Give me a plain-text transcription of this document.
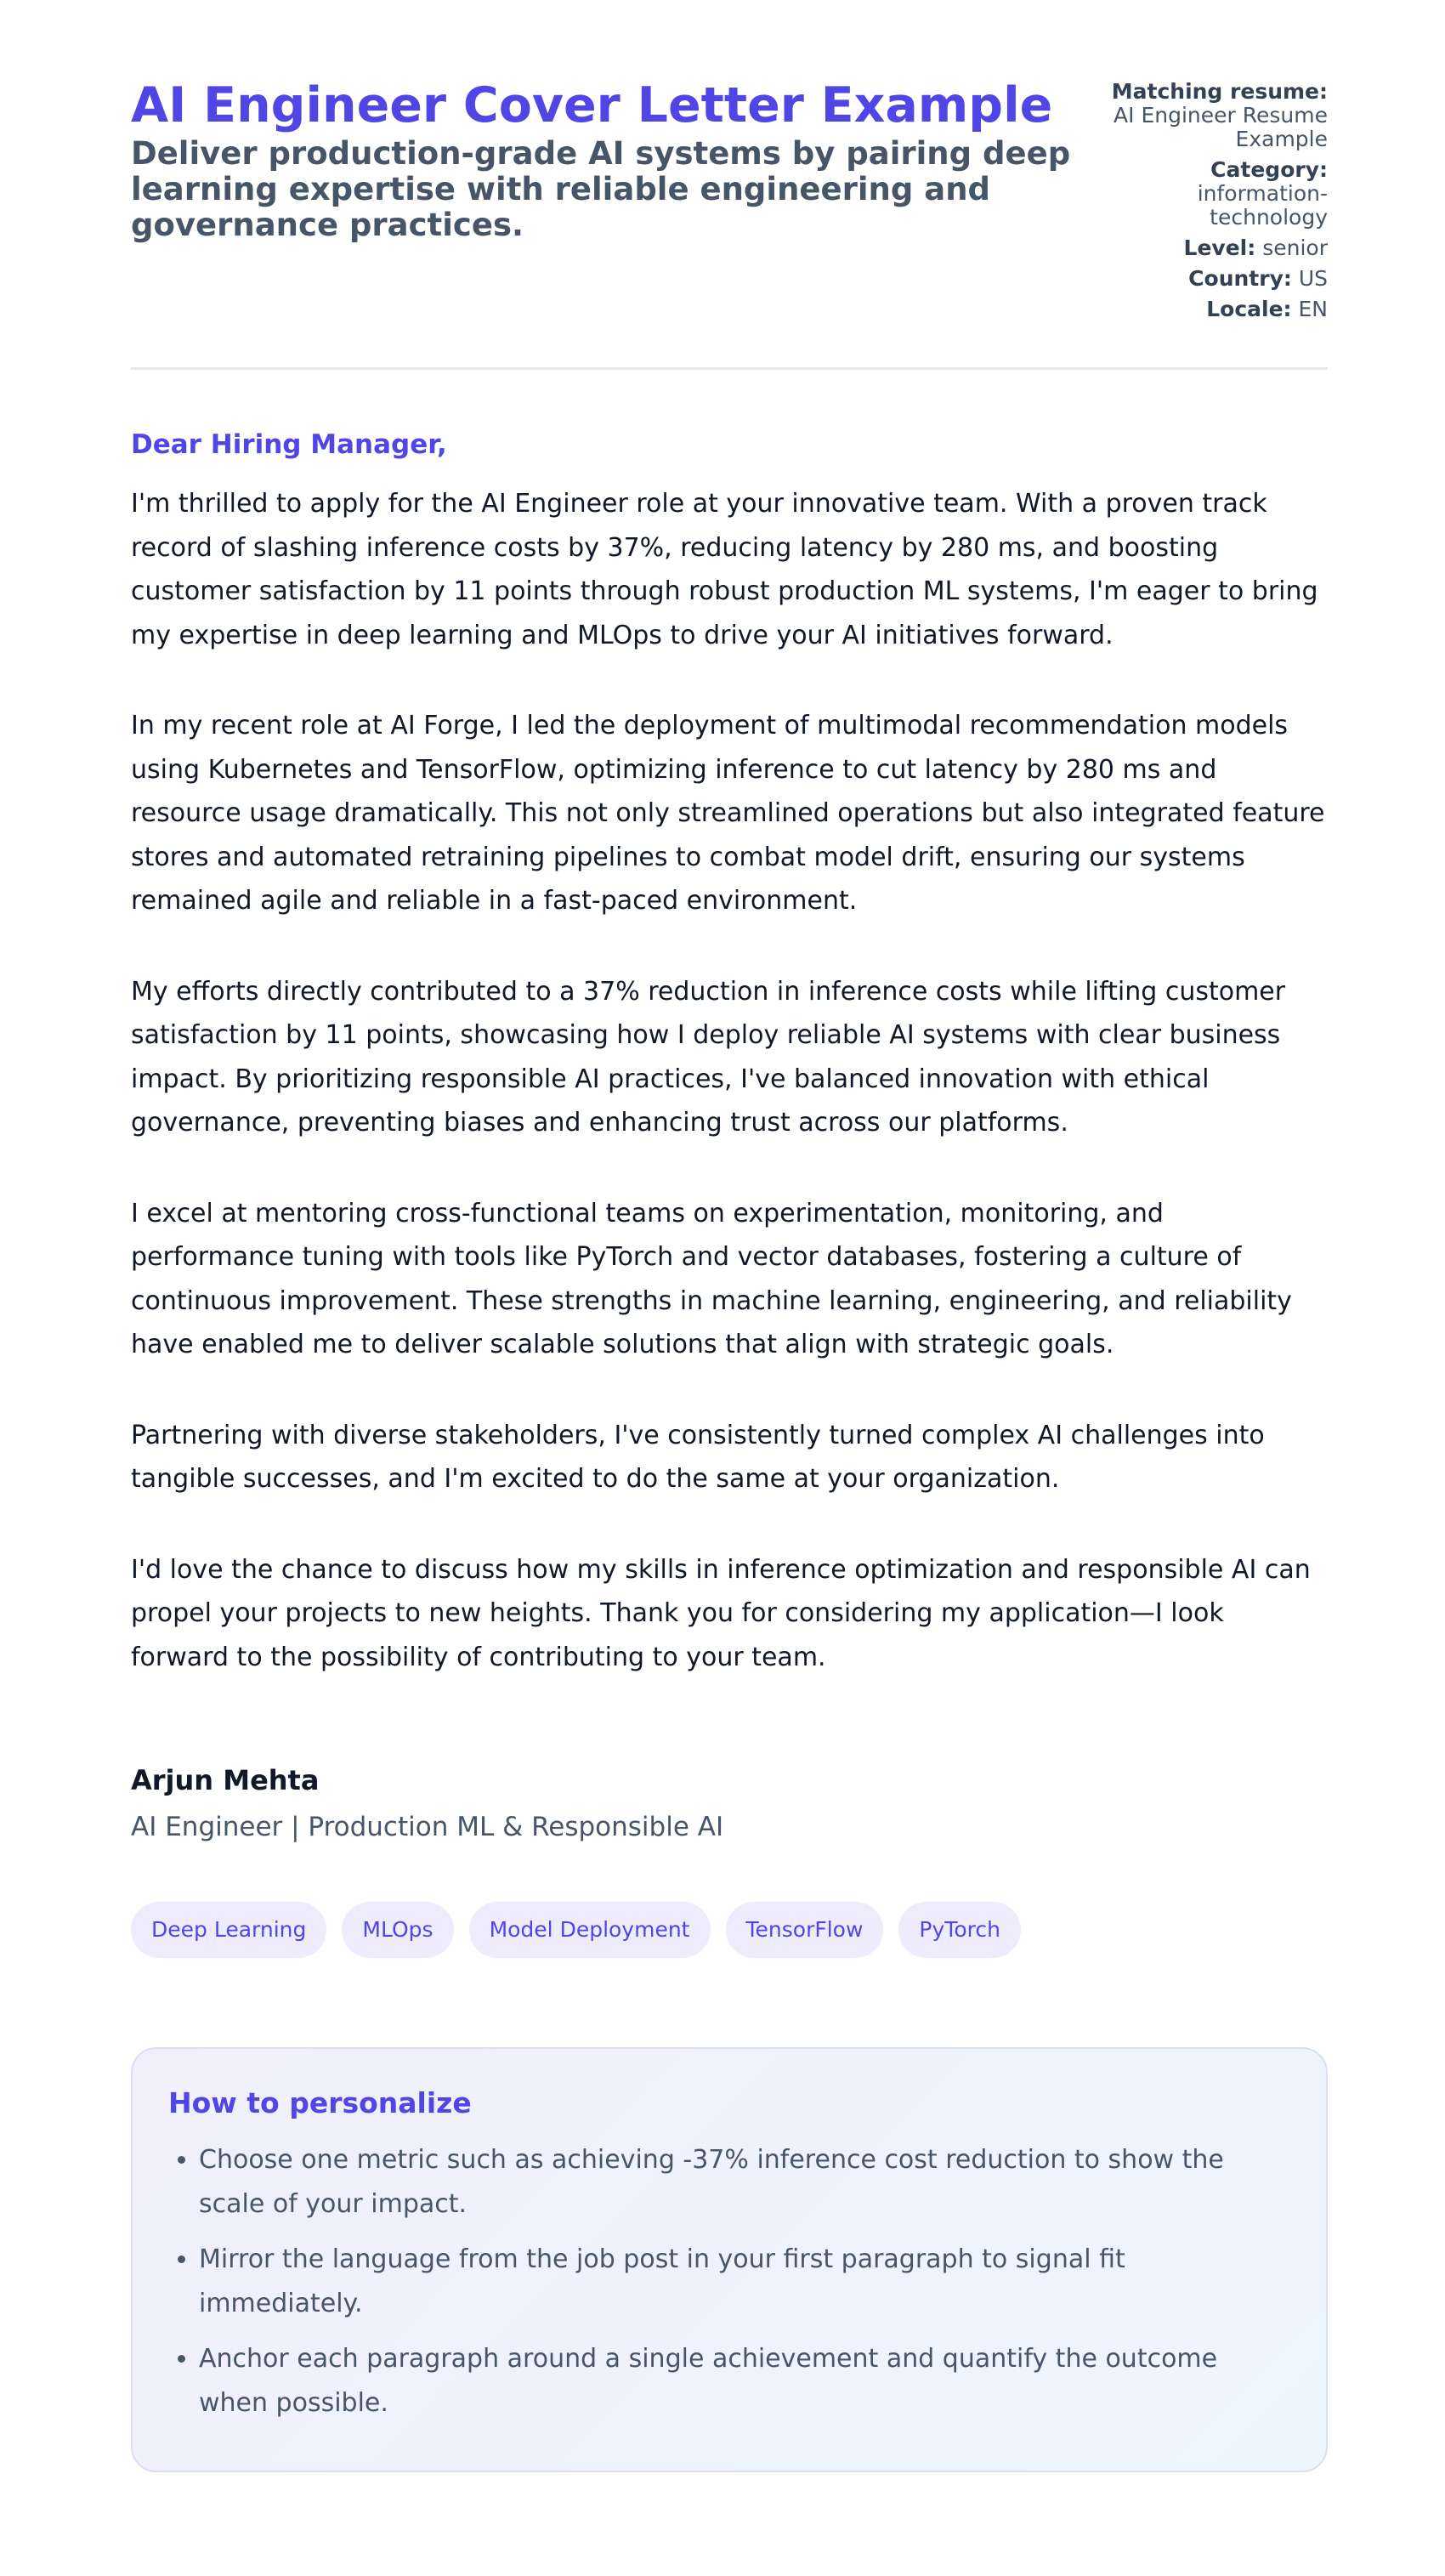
AI Engineer Cover Letter Example

Deliver production-grade AI systems by pairing deep learning expertise with reliable engineering and governance practices.

Matching resume:
AI Engineer Resume Example
Category:
information-technology
Level: senior
Country: US
Locale: EN
Dear Hiring Manager,

I'm thrilled to apply for the AI Engineer role at your innovative team. With a proven track record of slashing inference costs by 37%, reducing latency by 280 ms, and boosting customer satisfaction by 11 points through robust production ML systems, I'm eager to bring my expertise in deep learning and MLOps to drive your AI initiatives forward.

In my recent role at AI Forge, I led the deployment of multimodal recommendation models using Kubernetes and TensorFlow, optimizing inference to cut latency by 280 ms and resource usage dramatically. This not only streamlined operations but also integrated feature stores and automated retraining pipelines to combat model drift, ensuring our systems remained agile and reliable in a fast-paced environment.

My efforts directly contributed to a 37% reduction in inference costs while lifting customer satisfaction by 11 points, showcasing how I deploy reliable AI systems with clear business impact. By prioritizing responsible AI practices, I've balanced innovation with ethical governance, preventing biases and enhancing trust across our platforms.

I excel at mentoring cross-functional teams on experimentation, monitoring, and performance tuning with tools like PyTorch and vector databases, fostering a culture of continuous improvement. These strengths in machine learning, engineering, and reliability have enabled me to deliver scalable solutions that align with strategic goals.

Partnering with diverse stakeholders, I've consistently turned complex AI challenges into tangible successes, and I'm excited to do the same at your organization.

I'd love the chance to discuss how my skills in inference optimization and responsible AI can propel your projects to new heights. Thank you for considering my application—I look forward to the possibility of contributing to your team.

Arjun Mehta
AI Engineer | Production ML & Responsible AI
Deep Learning	MLOps	Model Deployment	TensorFlow	PyTorch
How to personalize
• Choose one metric such as achieving -37% inference cost reduction to show the scale of your impact.
• Mirror the language from the job post in your first paragraph to signal fit immediately.
• Anchor each paragraph around a single achievement and quantify the outcome when possible.
